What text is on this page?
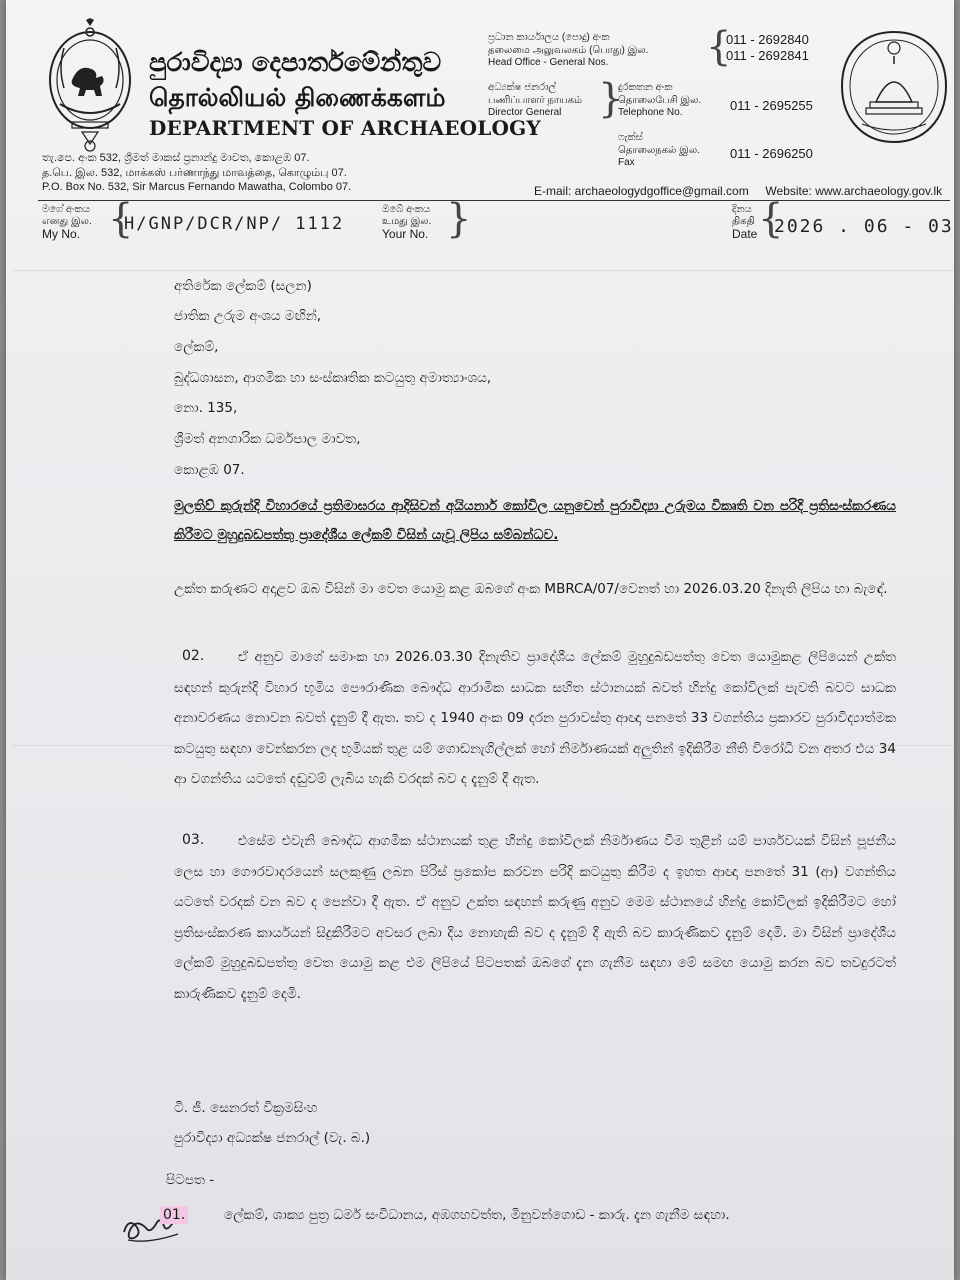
පුරාවිද්‍යා දෙපාර්තමේන්තුව
தொல்லியல் திணைக்களம்
DEPARTMENT OF ARCHAEOLOGY
ප්‍රධාන කාර්යාලය (පොදු) අංක
தலைமை அலுவலகம் (பொது) இல.
Head Office - General Nos.	{
011 - 2692840
011 - 2692841
අධ්‍යක්ෂ ජනරාල්
பணிப்பாளர் நாயகம்
Director General }
දුරකතන අංක
தொலைபேசி இல.
Telephone No.	011 - 2695255
ෆැක්ස්
தொலைநகல் இல.
Fax
011 - 2696250
තැ.පෙ. අංක 532, ශ්‍රීමත් මාකස් ප්‍රනාන්දු මාවත, කොළඹ 07.
த.பெ. இல. 532, மாக்கஸ் பர்ணாந்து மாவத்தை, கொழும்பு 07.
P.O. Box No. 532, Sir Marcus Fernando Mawatha, Colombo 07.	E-mail: archaeologydgoffice@gmail.com Website: www.archaeology.gov.lk
මගේ අංකය
எனது இல.
My No. {
H/GNP/DCR/NP/ 1112
ඔබේ අංකය
உமது இல.
Your No. }	දිනය
திகதி
Date {
2026 . 06 - 03
අතිරේක ලේකම් (සලන)
ජාතික උරුම අංශය මඟින්,
ලේකම්,
බුද්ධශාසන, ආගමික හා සංස්කෘතික කටයුතු අමාත්‍යාංශය,
නො. 135,
ශ්‍රීමත් අනගාරික ධර්මපාල මාවත,
කොළඹ 07.
මුලතිව් කුරුන්දි විහාරයේ ප්‍රතිමාඝරය ආදිසිවන් අයියනාර් කෝවිල යනුවෙන් පුරාවිද්‍යා උරුමය විකෘති වන පරිදි ප්‍රතිසංස්කරණය කිරීමට මුහුදුබඩපත්තු ප්‍රාදේශීය ලේකම් විසින් යැවූ ලිපිය සම්බන්ධව.
උක්ත කරුණට අදාළව ඔබ විසින් මා වෙත යොමු කළ ඔබගේ අංක MBRCA/07/වෙනත් හා 2026.03.20 දිනැති ලිපිය හා බැඳේ.
02.	ඒ අනුව මාගේ සමාංක හා 2026.03.30 දිනැතිව ප්‍රාදේශීය ලේකම් මුහුදුබඩපත්තු වෙත යොමුකළ ලිපියෙන් උක්ත සඳහන් කුරුන්දි විහාර භූමිය පෞරාණික බෞද්ධ ආරාමික සාධක සහිත ස්ථානයක් බවත් හින්දු කෝවිලක් පැවති බවට සාධක අනාවරණය නොවන බවත් දැනුම් දී ඇත. තව ද 1940 අංක 09 දරන පුරාවස්තු ආඥා පනතේ 33 වගන්තිය ප්‍රකාරව පුරාවිද්‍යාත්මක කටයුතු සඳහා වෙන්කරන ලද භූමියක් තුළ යම් ගොඩනැගිල්ලක් හෝ නිර්මාණයක් අලුතින් ඉදිකිරීම නීති විරෝධී වන අතර එය 34 ආ වගන්තිය යටතේ දඬුවම් ලැබිය හැකි වරදක් බව ද දැනුම් දී ඇත.
03.	එසේම එවැනි බෞද්ධ ආගමික ස්ථානයක් තුළ හින්දු කෝවිලක් නිර්මාණය වීම තුළින් යම් පාර්ශවයක් විසින් පූජනීය ලෙස හා ගෞරවාදරයෙන් සලකුණු ලබන පිරිස් ප්‍රකෝප කරවන පරිදි කටයුතු කිරීම ද ඉහත ආඥා පනතේ 31 (ආ) වගන්තිය යටතේ වරදක් වන බව ද පෙන්වා දී ඇත. ඒ අනුව උක්ත සඳහන් කරුණු අනුව මෙම ස්ථානයේ හින්දු කෝවිලක් ඉදිකිරීමට හෝ ප්‍රතිසංස්කරණ කාර්යයන් සිදුකිරීමට අවසර ලබා දිය නොහැකි බව ද දැනුම් දී ඇති බව කාරුණිකව දැනුම් දෙමි. මා විසින් ප්‍රාදේශීය ලේකම් මුහුදුබඩපත්තු වෙත යොමු කළ එම ලිපියේ පිටපතක් ඔබගේ දැන ගැනීම සඳහා මේ සමඟ යොමු කරන බව තවදුරටත් කාරුණිකව දැනුම් දෙමි.
ටී. ජී. සෙනරත් වික්‍රමසිංහ
පුරාවිද්‍යා අධ්‍යක්ෂ ජනරාල් (වැ. බ.)
පිටපත -
01.	ලේකම්, ශාක්‍ය පුත්‍ර ධර්ම සංවිධානය, අඹගහවත්ත, මිනුවන්ගොඩ - කාරු. දැන ගැනීම සඳහා.
